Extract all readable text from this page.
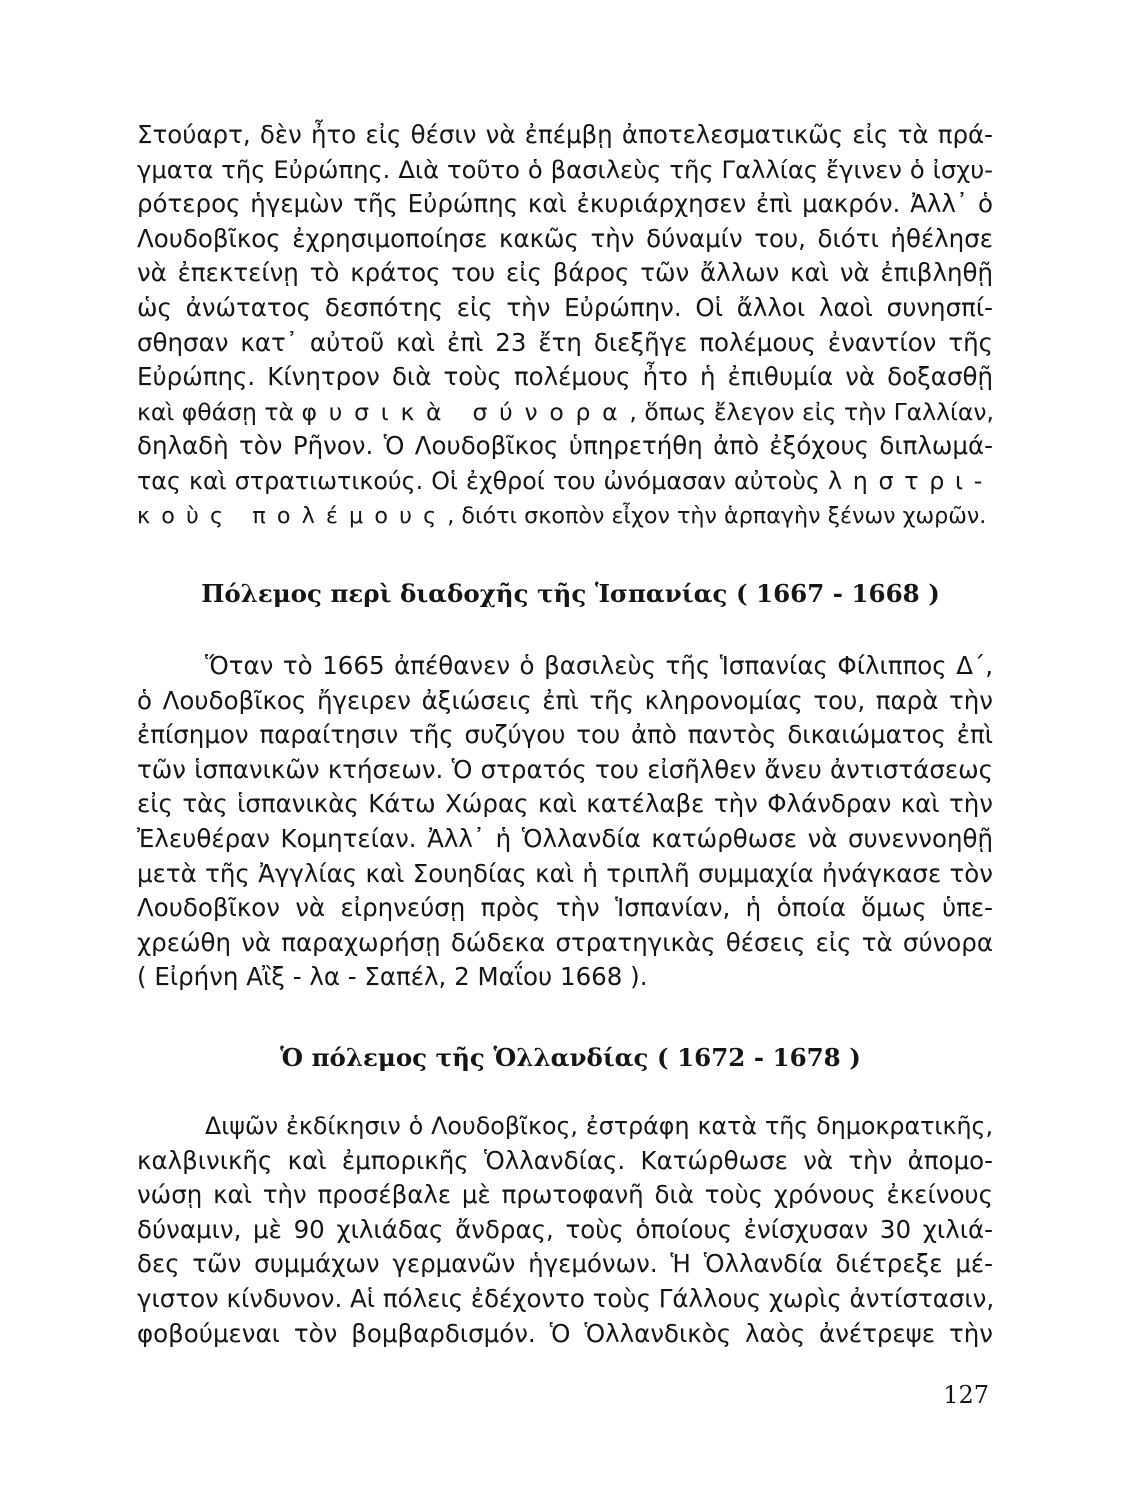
Στούαρτ, δὲν ἦτο εἰς θέσιν νὰ ἐπέμβῃ ἀποτελεσματικῶς εἰς τὰ πρά-
γματα τῆς Εὐρώπης. Διὰ τοῦτο ὁ βασιλεὺς τῆς Γαλλίας ἔγινεν ὁ ἰσχυ-
ρότερος ἡγεμὼν τῆς Εὐρώπης καὶ ἐκυριάρχησεν ἐπὶ μακρόν. Ἀλλ᾽ ὁ
Λουδοβῖκος ἐχρησιμοποίησε κακῶς τὴν δύναμίν του, διότι ἠθέλησε
νὰ ἐπεκτείνῃ τὸ κράτος του εἰς βάρος τῶν ἄλλων καὶ νὰ ἐπιβληθῇ
ὡς ἀνώτατος δεσπότης εἰς τὴν Εὐρώπην. Οἱ ἄλλοι λαοὶ συνησπί-
σθησαν κατ᾽ αὐτοῦ καὶ ἐπὶ 23 ἔτη διεξῆγε πολέμους ἐναντίον τῆς
Εὐρώπης. Κίνητρον διὰ τοὺς πολέμους ἦτο ἡ ἐπιθυμία νὰ δοξασθῇ
καὶ φθάσῃ τὰ φυσικὰ σύνορα, ὅπως ἔλεγον εἰς τὴν Γαλλίαν,
δηλαδὴ τὸν Ρῆνον. Ὁ Λουδοβῖκος ὑπηρετήθη ἀπὸ ἐξόχους διπλωμά-
τας καὶ στρατιωτικούς. Οἱ ἐχθροί του ὠνόμασαν αὐτοὺς ληστρι-
κοὺς πολέμους, διότι σκοπὸν εἶχον τὴν ἁρπαγὴν ξένων χωρῶν.
Πόλεμος περὶ διαδοχῆς τῆς Ἱσπανίας ( 1667 - 1668 )
Ὅταν τὸ 1665 ἀπέθανεν ὁ βασιλεὺς τῆς Ἱσπανίας Φίλιππος Δ΄,
ὁ Λουδοβῖκος ἤγειρεν ἀξιώσεις ἐπὶ τῆς κληρονομίας του, παρὰ τὴν
ἐπίσημον παραίτησιν τῆς συζύγου του ἀπὸ παντὸς δικαιώματος ἐπὶ
τῶν ἱσπανικῶν κτήσεων. Ὁ στρατός του εἰσῆλθεν ἄνευ ἀντιστάσεως
εἰς τὰς ἱσπανικὰς Κάτω Χώρας καὶ κατέλαβε τὴν Φλάνδραν καὶ τὴν
Ἐλευθέραν Κομητείαν. Ἀλλ᾽ ἡ Ὁλλανδία κατώρθωσε νὰ συνεννοηθῇ
μετὰ τῆς Ἀγγλίας καὶ Σουηδίας καὶ ἡ τριπλῆ συμμαχία ἠνάγκασε τὸν
Λουδοβῖκον νὰ εἰρηνεύσῃ πρὸς τὴν Ἱσπανίαν, ἡ ὁποία ὅμως ὑπε-
χρεώθη νὰ παραχωρήσῃ δώδεκα στρατηγικὰς θέσεις εἰς τὰ σύνορα
( Εἰρήνη Αἲξ - λα - Σαπέλ, 2 Μαΐου 1668 ).
Ὁ πόλεμος τῆς Ὁλλανδίας ( 1672 - 1678 )
Διψῶν ἐκδίκησιν ὁ Λουδοβῖκος, ἐστράφη κατὰ τῆς δημοκρατικῆς,
καλβινικῆς καὶ ἐμπορικῆς Ὁλλανδίας. Κατώρθωσε νὰ τὴν ἀπομο-
νώσῃ καὶ τὴν προσέβαλε μὲ πρωτοφανῆ διὰ τοὺς χρόνους ἐκείνους
δύναμιν, μὲ 90 χιλιάδας ἄνδρας, τοὺς ὁποίους ἐνίσχυσαν 30 χιλιά-
δες τῶν συμμάχων γερμανῶν ἡγεμόνων. Ἡ Ὁλλανδία διέτρεξε μέ-
γιστον κίνδυνον. Αἱ πόλεις ἐδέχοντο τοὺς Γάλλους χωρὶς ἀντίστασιν,
φοβούμεναι τὸν βομβαρδισμόν. Ὁ Ὁλλανδικὸς λαὸς ἀνέτρεψε τὴν
127
